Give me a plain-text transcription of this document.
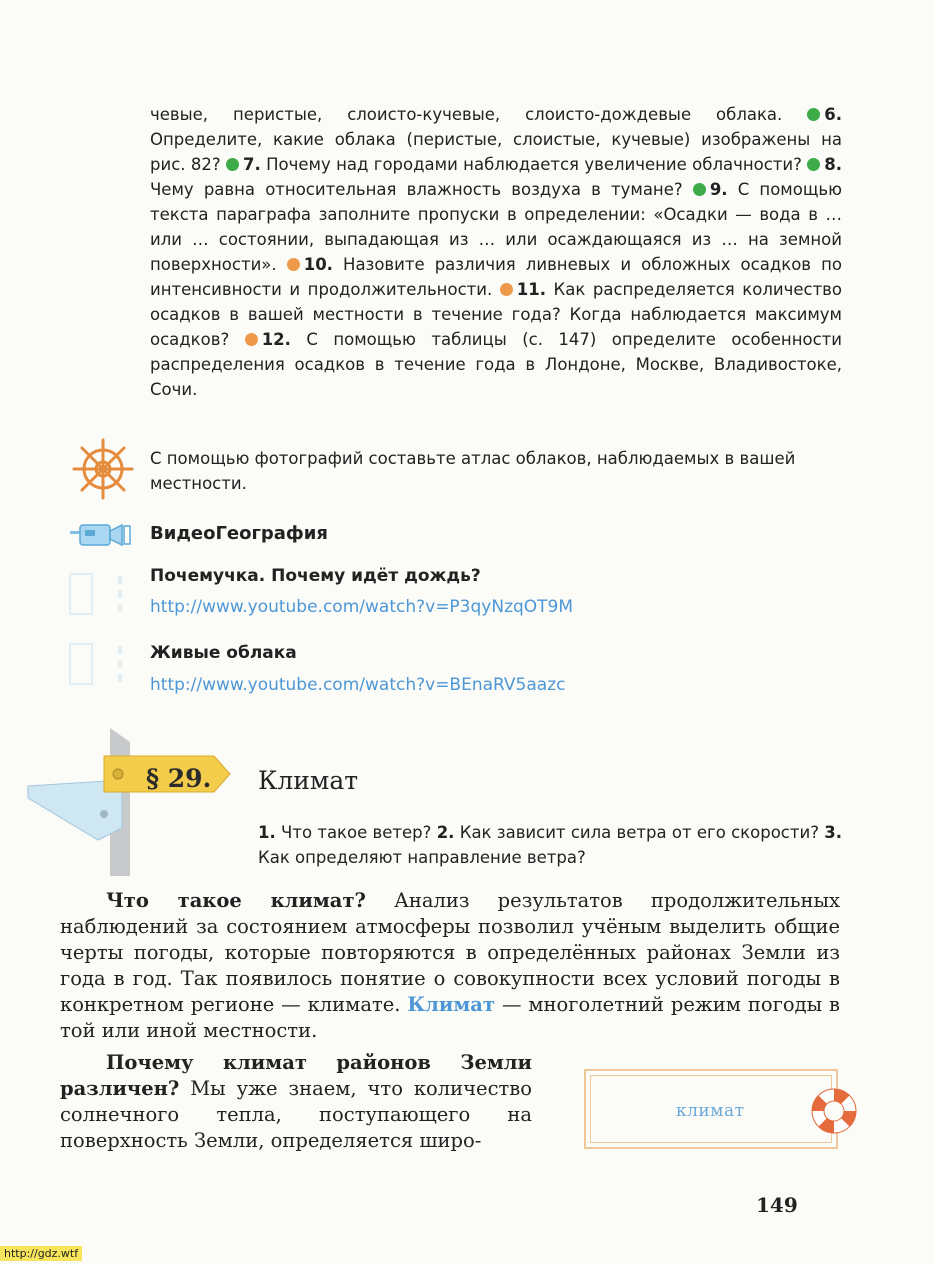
чевые, перистые, слоисто-кучевые, слоисто-дождевые облака.	6. Определите, какие облака (перистые, слоистые, кучевые) изображены на рис. 82? 7. Почему над городами наблюдается увеличение облачности? 8. Чему равна относительная влажность воздуха в тумане? 9. С помощью текста параграфа заполните пропуски в определении: «Осадки — вода в … или … состоянии, выпадающая из … или осаждающаяся из … на земной поверхности». 10. Назовите различия ливневых и обложных осадков по интенсивности и продолжительности. 11. Как распределяется количество осадков в вашей местности в течение года? Когда наблюдается максимум осадков? 12. С помощью таблицы (с. 147) определите особенности распределения осадков в течение года в Лондоне, Москве, Владивостоке, Сочи.
С помощью фотографий составьте атлас облаков, наблюдаемых в вашей местности.
ВидеоГеография
Почемучка. Почему идёт дождь?
http://www.youtube.com/watch?v=P3qyNzqOT9M
Живые облака
http://www.youtube.com/watch?v=BEnaRV5aazc
§ 29. Климат
1. Что такое ветер? 2. Как зависит сила ветра от его скорости? 3. Как определяют направление ветра?
Что такое климат? Анализ результатов продолжительных наблюдений за состоянием атмосферы позволил учёным выделить общие черты погоды, которые повторяются в определённых районах Земли из года в год. Так появилось понятие о совокупности всех условий погоды в конкретном регионе — климате. Климат — многолетний режим погоды в той или иной местности.
Почему климат районов Земли различен? Мы уже знаем, что количество солнечного тепла, поступающего на поверхность Земли, определяется широ-
климат
149
http://gdz.wtf
